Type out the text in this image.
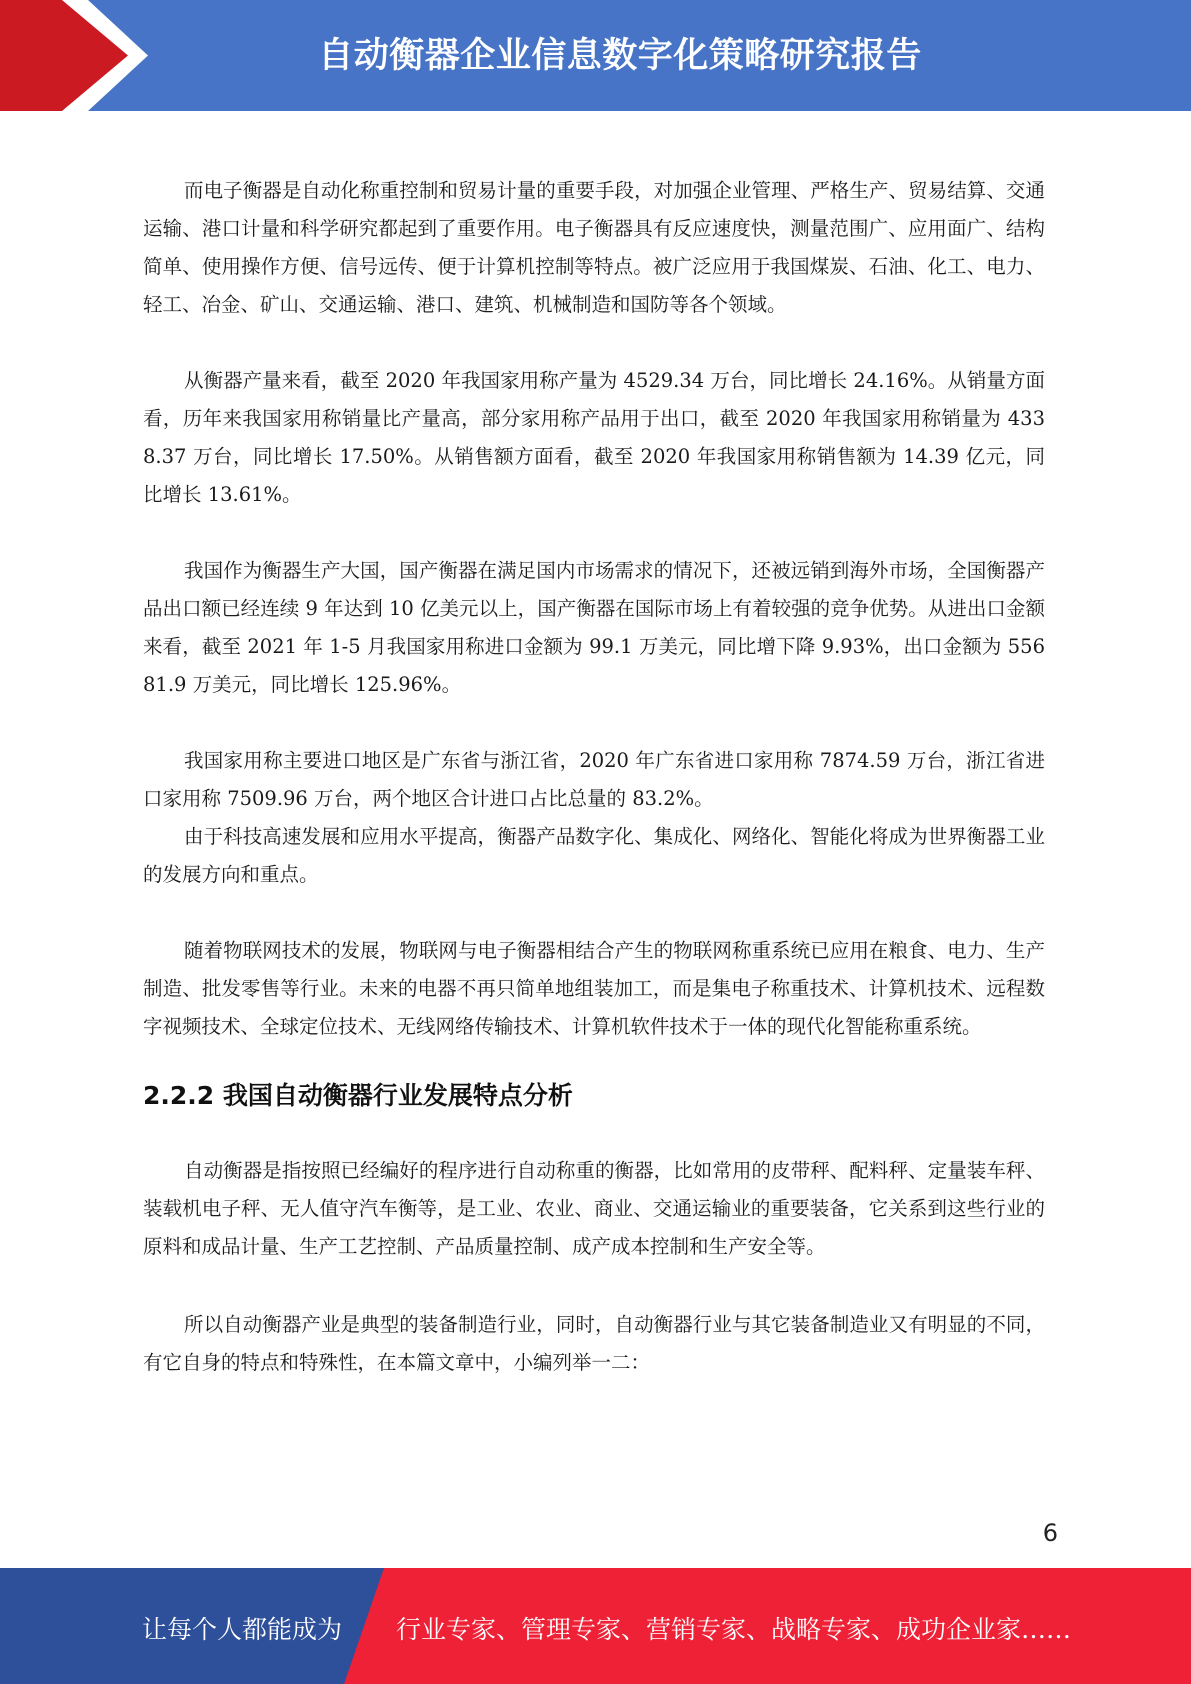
自动衡器企业信息数字化策略研究报告

而电子衡器是自动化称重控制和贸易计量的重要手段，对加强企业管理、严格生产、贸易结算、交通运输、港口计量和科学研究都起到了重要作用。电子衡器具有反应速度快，测量范围广、应用面广、结构简单、使用操作方便、信号远传、便于计算机控制等特点。被广泛应用于我国煤炭、石油、化工、电力、轻工、冶金、矿山、交通运输、港口、建筑、机械制造和国防等各个领域。

从衡器产量来看，截至 2020 年我国家用称产量为 4529.34 万台，同比增长 24.16%。从销量方面看，历年来我国家用称销量比产量高，部分家用称产品用于出口，截至 2020 年我国家用称销量为 4338.37 万台，同比增长 17.50%。从销售额方面看，截至 2020 年我国家用称销售额为 14.39 亿元，同比增长 13.61%。

我国作为衡器生产大国，国产衡器在满足国内市场需求的情况下，还被远销到海外市场，全国衡器产品出口额已经连续 9 年达到 10 亿美元以上，国产衡器在国际市场上有着较强的竞争优势。从进出口金额来看，截至 2021 年 1-5 月我国家用称进口金额为 99.1 万美元，同比增下降 9.93%，出口金额为 55681.9 万美元，同比增长 125.96%。

我国家用称主要进口地区是广东省与浙江省，2020 年广东省进口家用称 7874.59 万台，浙江省进口家用称 7509.96 万台，两个地区合计进口占比总量的 83.2%。

由于科技高速发展和应用水平提高，衡器产品数字化、集成化、网络化、智能化将成为世界衡器工业的发展方向和重点。

随着物联网技术的发展，物联网与电子衡器相结合产生的物联网称重系统已应用在粮食、电力、生产制造、批发零售等行业。未来的电器不再只简单地组装加工，而是集电子称重技术、计算机技术、远程数字视频技术、全球定位技术、无线网络传输技术、计算机软件技术于一体的现代化智能称重系统。

2.2.2 我国自动衡器行业发展特点分析

自动衡器是指按照已经编好的程序进行自动称重的衡器，比如常用的皮带秤、配料秤、定量装车秤、装载机电子秤、无人值守汽车衡等，是工业、农业、商业、交通运输业的重要装备，它关系到这些行业的原料和成品计量、生产工艺控制、产品质量控制、成产成本控制和生产安全等。

所以自动衡器产业是典型的装备制造行业，同时，自动衡器行业与其它装备制造业又有明显的不同，有它自身的特点和特殊性，在本篇文章中，小编列举一二：

6
让每个人都能成为 行业专家、管理专家、营销专家、战略专家、成功企业家……
